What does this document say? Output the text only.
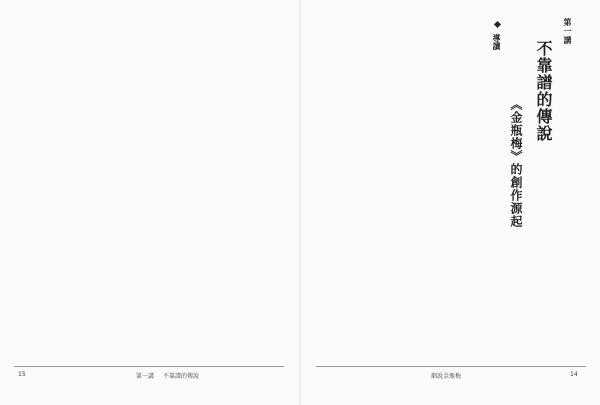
15	第一講 不靠譜的傳說
第一講
不靠譜的傳說
《金瓶梅》的創作源起
導讀
細說金瓶梅	14
